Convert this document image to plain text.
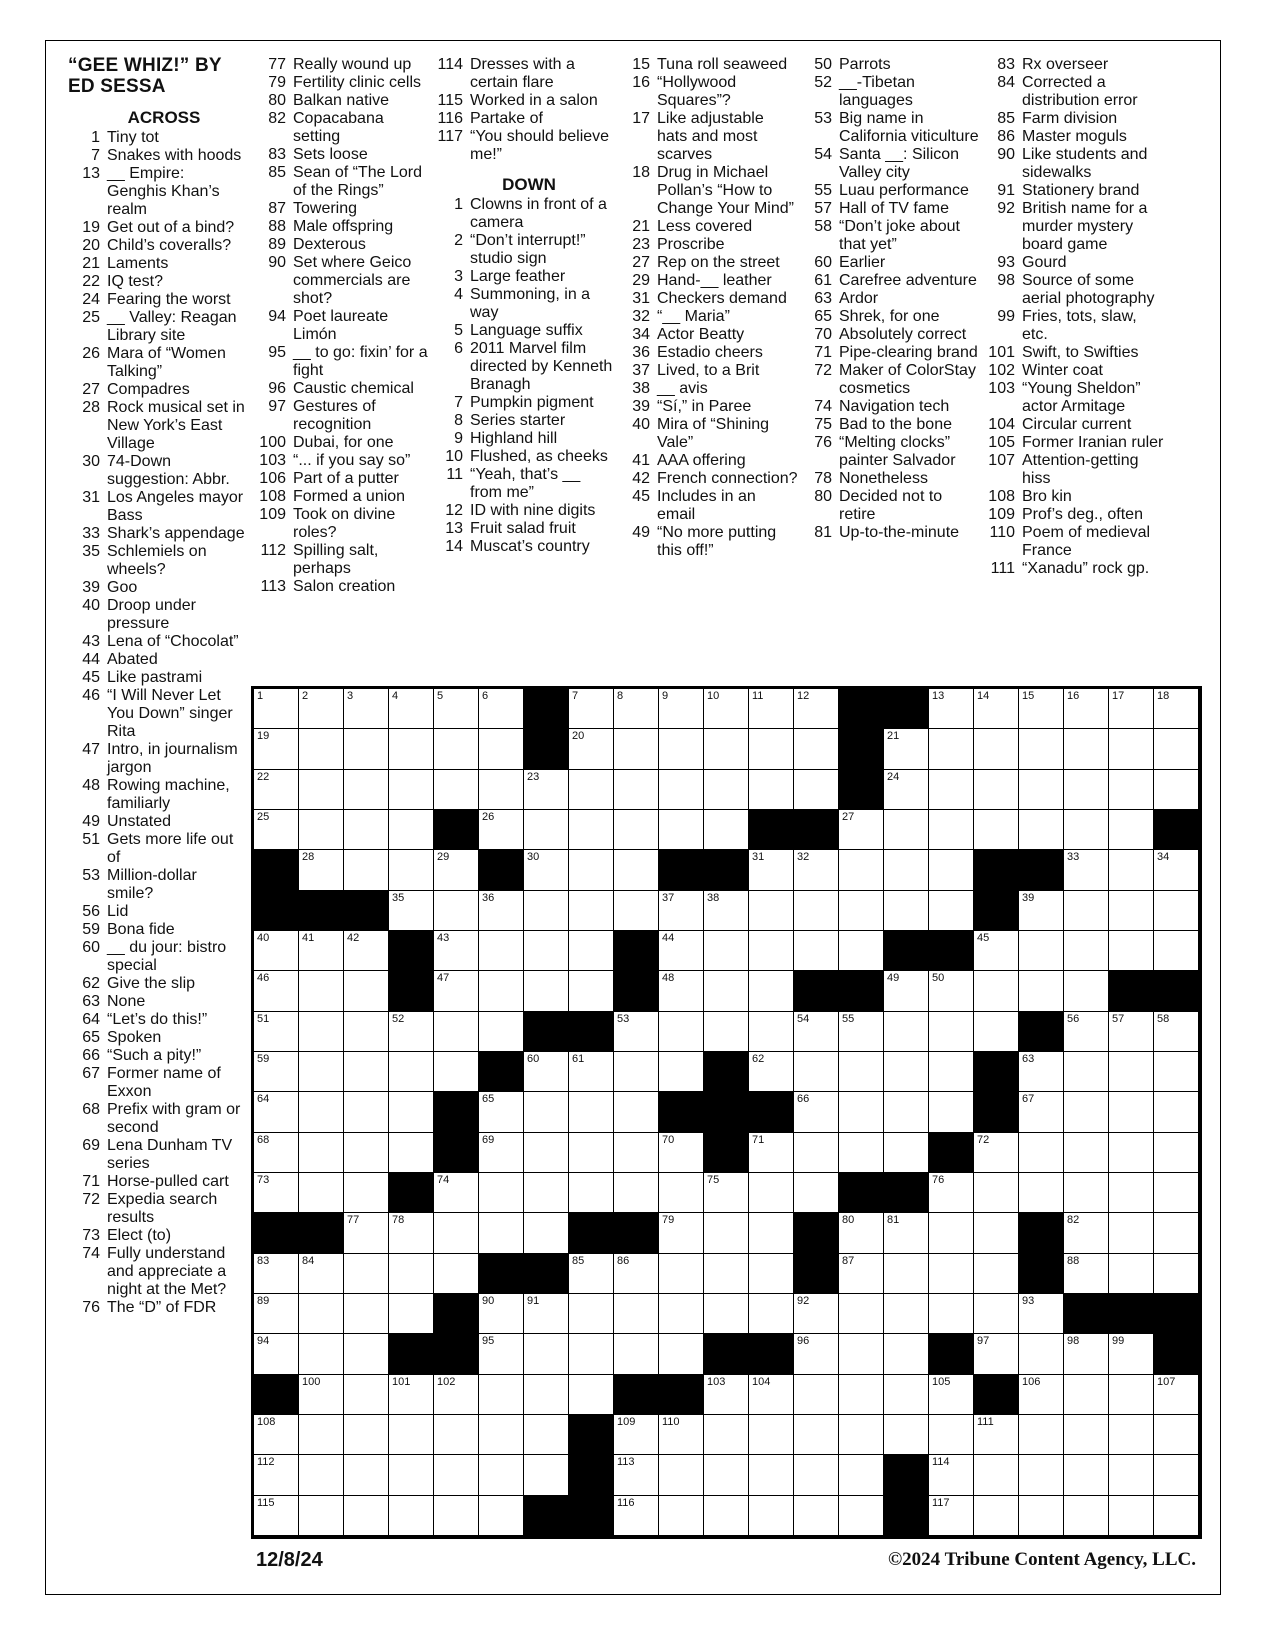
“GEE WHIZ!” BY
ED SESSA
ACROSS
1 Tiny tot
7 Snakes with hoods
13 __ Empire: Genghis Khan’s realm
19 Get out of a bind?
20 Child’s coveralls?
21 Laments
22 IQ test?
24 Fearing the worst
25 __ Valley: Reagan Library site
26 Mara of “Women Talking”
27 Compadres
28 Rock musical set in New York’s East Village
30 74-Down suggestion: Abbr.
31 Los Angeles mayor Bass
33 Shark’s appendage
35 Schlemiels on wheels?
39 Goo
40 Droop under pressure
43 Lena of “Chocolat”
44 Abated
45 Like pastrami
46 “I Will Never Let You Down” singer Rita
47 Intro, in journalism jargon
48 Rowing machine, familiarly
49 Unstated
51 Gets more life out of
53 Million-dollar smile?
56 Lid
59 Bona fide
60 __ du jour: bistro special
62 Give the slip
63 None
64 “Let’s do this!”
65 Spoken
66 “Such a pity!”
67 Former name of Exxon
68 Prefix with gram or second
69 Lena Dunham TV series
71 Horse-pulled cart
72 Expedia search results
73 Elect (to)
74 Fully understand and appreciate a night at the Met?
76 The “D” of FDR
77 Really wound up
79 Fertility clinic cells
80 Balkan native
82 Copacabana setting
83 Sets loose
85 Sean of “The Lord of the Rings”
87 Towering
88 Male offspring
89 Dexterous
90 Set where Geico commercials are shot?
94 Poet laureate Limón
95 __ to go: fixin’ for a fight
96 Caustic chemical
97 Gestures of recognition
100 Dubai, for one
103 “... if you say so”
106 Part of a putter
108 Formed a union
109 Took on divine roles?
112 Spilling salt, perhaps
113 Salon creation
114 Dresses with a certain flare
115 Worked in a salon
116 Partake of
117 “You should believe me!”
DOWN
1 Clowns in front of a camera
2 “Don’t interrupt!” studio sign
3 Large feather
4 Summoning, in a way
5 Language suffix
6 2011 Marvel film directed by Kenneth Branagh
7 Pumpkin pigment
8 Series starter
9 Highland hill
10 Flushed, as cheeks
11 “Yeah, that’s __ from me”
12 ID with nine digits
13 Fruit salad fruit
14 Muscat’s country
15 Tuna roll seaweed
16 “Hollywood Squares”?
17 Like adjustable hats and most scarves
18 Drug in Michael Pollan’s “How to Change Your Mind”
21 Less covered
23 Proscribe
27 Rep on the street
29 Hand-__ leather
31 Checkers demand
32 “__ Maria”
34 Actor Beatty
36 Estadio cheers
37 Lived, to a Brit
38 __ avis
39 “Sí,” in Paree
40 Mira of “Shining Vale”
41 AAA offering
42 French connection?
45 Includes in an email
49 “No more putting this off!”
50 Parrots
52 __-Tibetan languages
53 Big name in California viticulture
54 Santa __: Silicon Valley city
55 Luau performance
57 Hall of TV fame
58 “Don’t joke about that yet”
60 Earlier
61 Carefree adventure
63 Ardor
65 Shrek, for one
70 Absolutely correct
71 Pipe-clearing brand
72 Maker of ColorStay cosmetics
74 Navigation tech
75 Bad to the bone
76 “Melting clocks” painter Salvador
78 Nonetheless
80 Decided not to retire
81 Up-to-the-minute
83 Rx overseer
84 Corrected a distribution error
85 Farm division
86 Master moguls
90 Like students and sidewalks
91 Stationery brand
92 British name for a murder mystery board game
93 Gourd
98 Source of some aerial photography
99 Fries, tots, slaw, etc.
101 Swift, to Swifties
102 Winter coat
103 “Young Sheldon” actor Armitage
104 Circular current
105 Former Iranian ruler
107 Attention-getting hiss
108 Bro kin
109 Prof’s deg., often
110 Poem of medieval France
111 “Xanadu” rock gp.
1	2	3	4	5	6	7	8	9	10	11	12	13	14	15	16	17	18
19	20	21
22	23	24
25	26	27
28	29	30	31	32	33	34
35	36	37	38	39
40	41	42	43	44	45
46	47	48	49	50
51	52	53	54	55	56	57	58
59	60	61	62	63
64	65	66	67
68	69	70	71	72
73	74	75	76
77	78	79	80	81	82
83	84	85	86	87	88
89	90	91	92	93
94	95	96	97	98	99
100	101 102	103 104	105	106	107
108	109 110	111
112	113	114
115	116	117
12/8/24	©2024 Tribune Content Agency, LLC.
